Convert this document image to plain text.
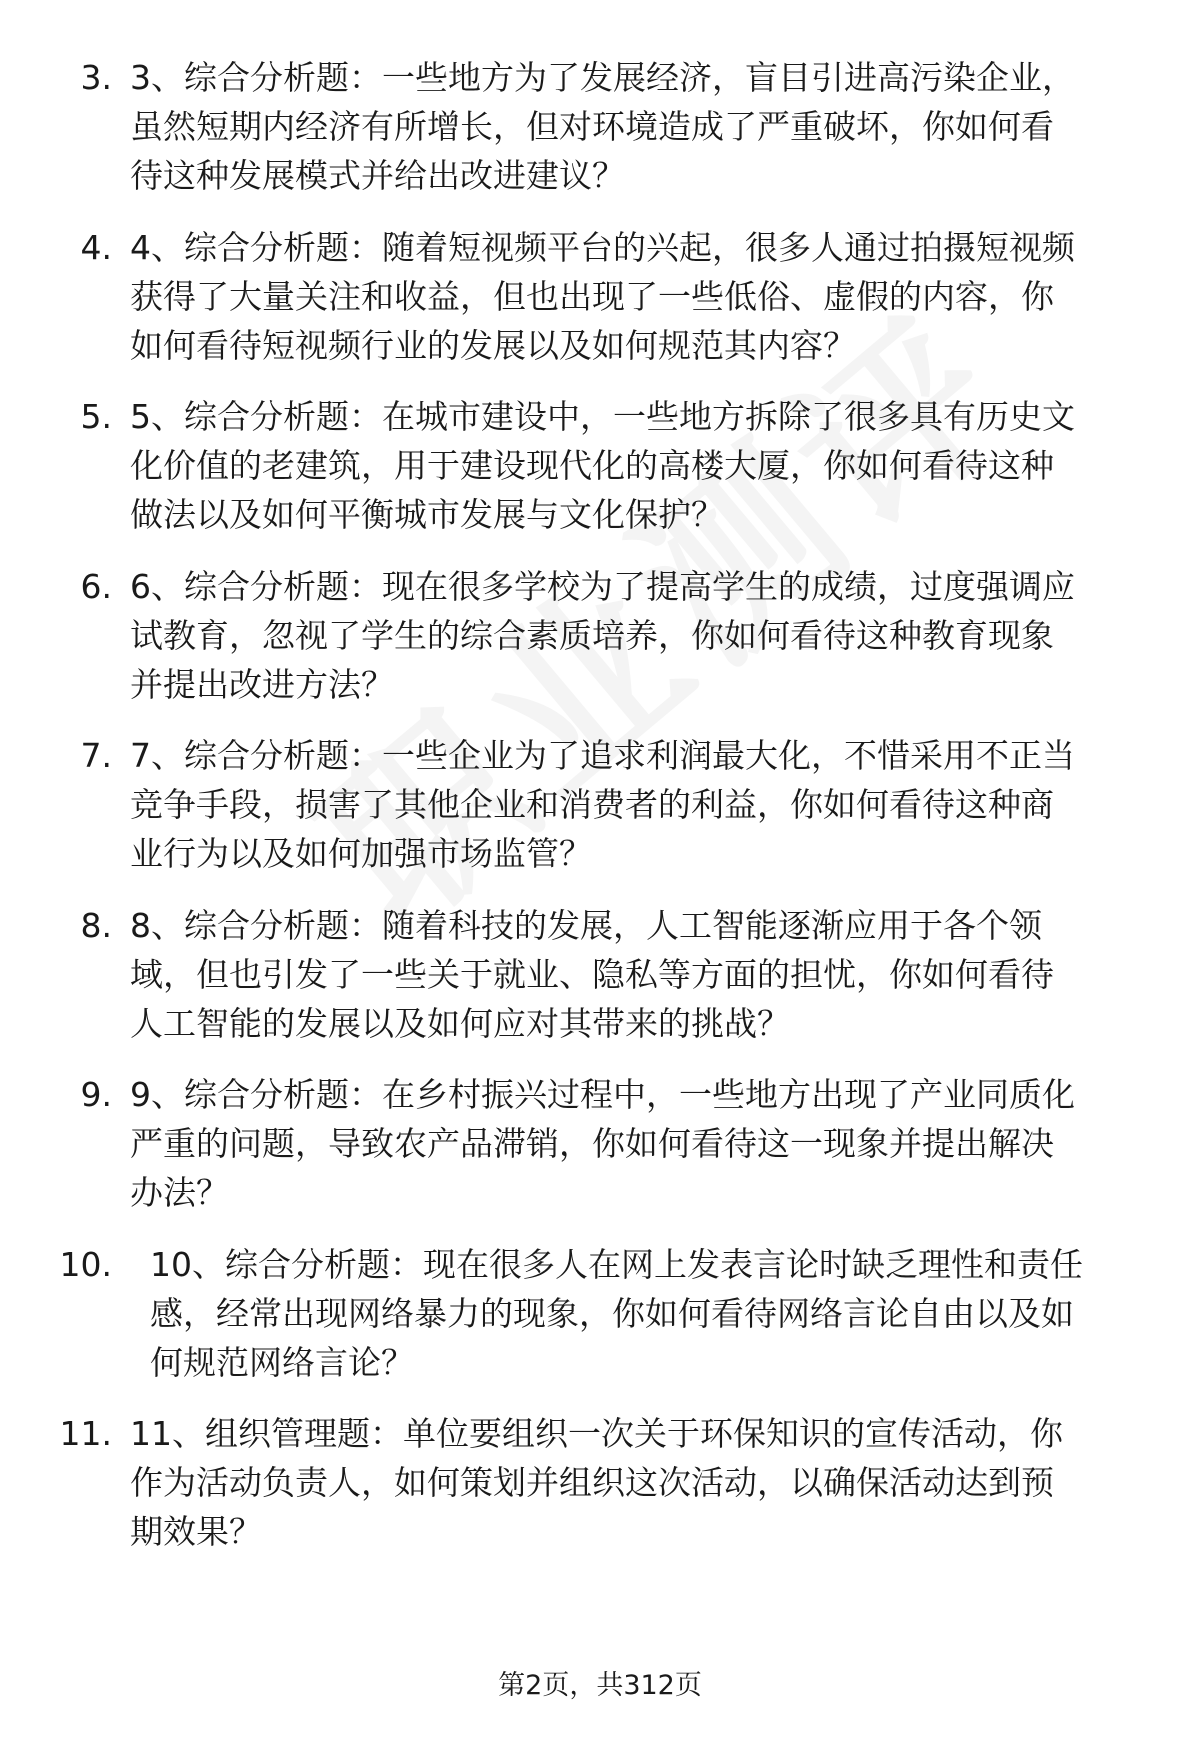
3. 3、综合分析题：一些地方为了发展经济，盲目引进高污染企业，
虽然短期内经济有所增长，但对环境造成了严重破坏，你如何看
待这种发展模式并给出改进建议？
4. 4、综合分析题：随着短视频平台的兴起，很多人通过拍摄短视频
获得了大量关注和收益，但也出现了一些低俗、虚假的内容，你
如何看待短视频行业的发展以及如何规范其内容？
5. 5、综合分析题：在城市建设中，一些地方拆除了很多具有历史文
化价值的老建筑，用于建设现代化的高楼大厦，你如何看待这种
做法以及如何平衡城市发展与文化保护？
6. 6、综合分析题：现在很多学校为了提高学生的成绩，过度强调应
试教育，忽视了学生的综合素质培养，你如何看待这种教育现象
并提出改进方法？
7. 7、综合分析题：一些企业为了追求利润最大化，不惜采用不正当
竞争手段，损害了其他企业和消费者的利益，你如何看待这种商
业行为以及如何加强市场监管？
8. 8、综合分析题：随着科技的发展，人工智能逐渐应用于各个领
域，但也引发了一些关于就业、隐私等方面的担忧，你如何看待
人工智能的发展以及如何应对其带来的挑战？
9. 9、综合分析题：在乡村振兴过程中，一些地方出现了产业同质化
严重的问题，导致农产品滞销，你如何看待这一现象并提出解决
办法？
10. 10、综合分析题：现在很多人在网上发表言论时缺乏理性和责任
感，经常出现网络暴力的现象，你如何看待网络言论自由以及如
何规范网络言论？
11. 11、组织管理题：单位要组织一次关于环保知识的宣传活动，你
作为活动负责人，如何策划并组织这次活动，以确保活动达到预
期效果？
第2页，共312页
